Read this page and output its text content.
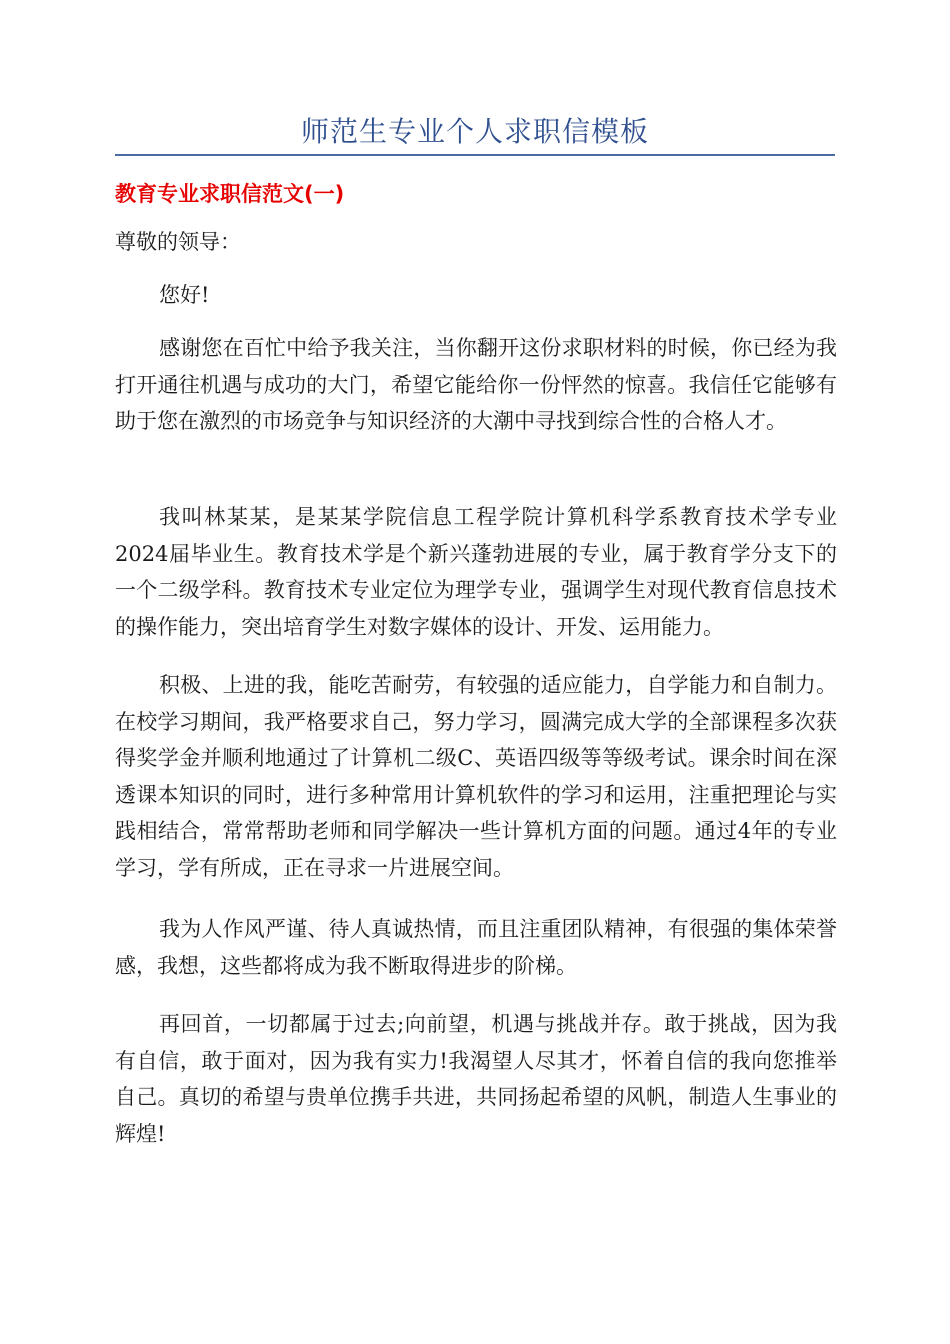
师范生专业个人求职信模板
教育专业求职信范文(一)
尊敬的领导：

您好!

感谢您在百忙中给予我关注，当你翻开这份求职材料的时候，你已经为我打开通往机遇与成功的大门，希望它能给你一份怦然的惊喜。我信任它能够有助于您在激烈的市场竞争与知识经济的大潮中寻找到综合性的合格人才。

我叫林某某，是某某学院信息工程学院计算机科学系教育技术学专业2024届毕业生。教育技术学是个新兴蓬勃进展的专业，属于教育学分支下的一个二级学科。教育技术专业定位为理学专业，强调学生对现代教育信息技术的操作能力，突出培育学生对数字媒体的设计、开发、运用能力。

积极、上进的我，能吃苦耐劳，有较强的适应能力，自学能力和自制力。在校学习期间，我严格要求自己，努力学习，圆满完成大学的全部课程多次获得奖学金并顺利地通过了计算机二级C、英语四级等等级考试。课余时间在深透课本知识的同时，进行多种常用计算机软件的学习和运用，注重把理论与实践相结合，常常帮助老师和同学解决一些计算机方面的问题。通过4年的专业学习，学有所成，正在寻求一片进展空间。

我为人作风严谨、待人真诚热情，而且注重团队精神，有很强的集体荣誉感，我想，这些都将成为我不断取得进步的阶梯。

再回首，一切都属于过去;向前望，机遇与挑战并存。敢于挑战，因为我有自信，敢于面对，因为我有实力!我渴望人尽其才，怀着自信的我向您推举自己。真切的希望与贵单位携手共进，共同扬起希望的风帆，制造人生事业的辉煌!
